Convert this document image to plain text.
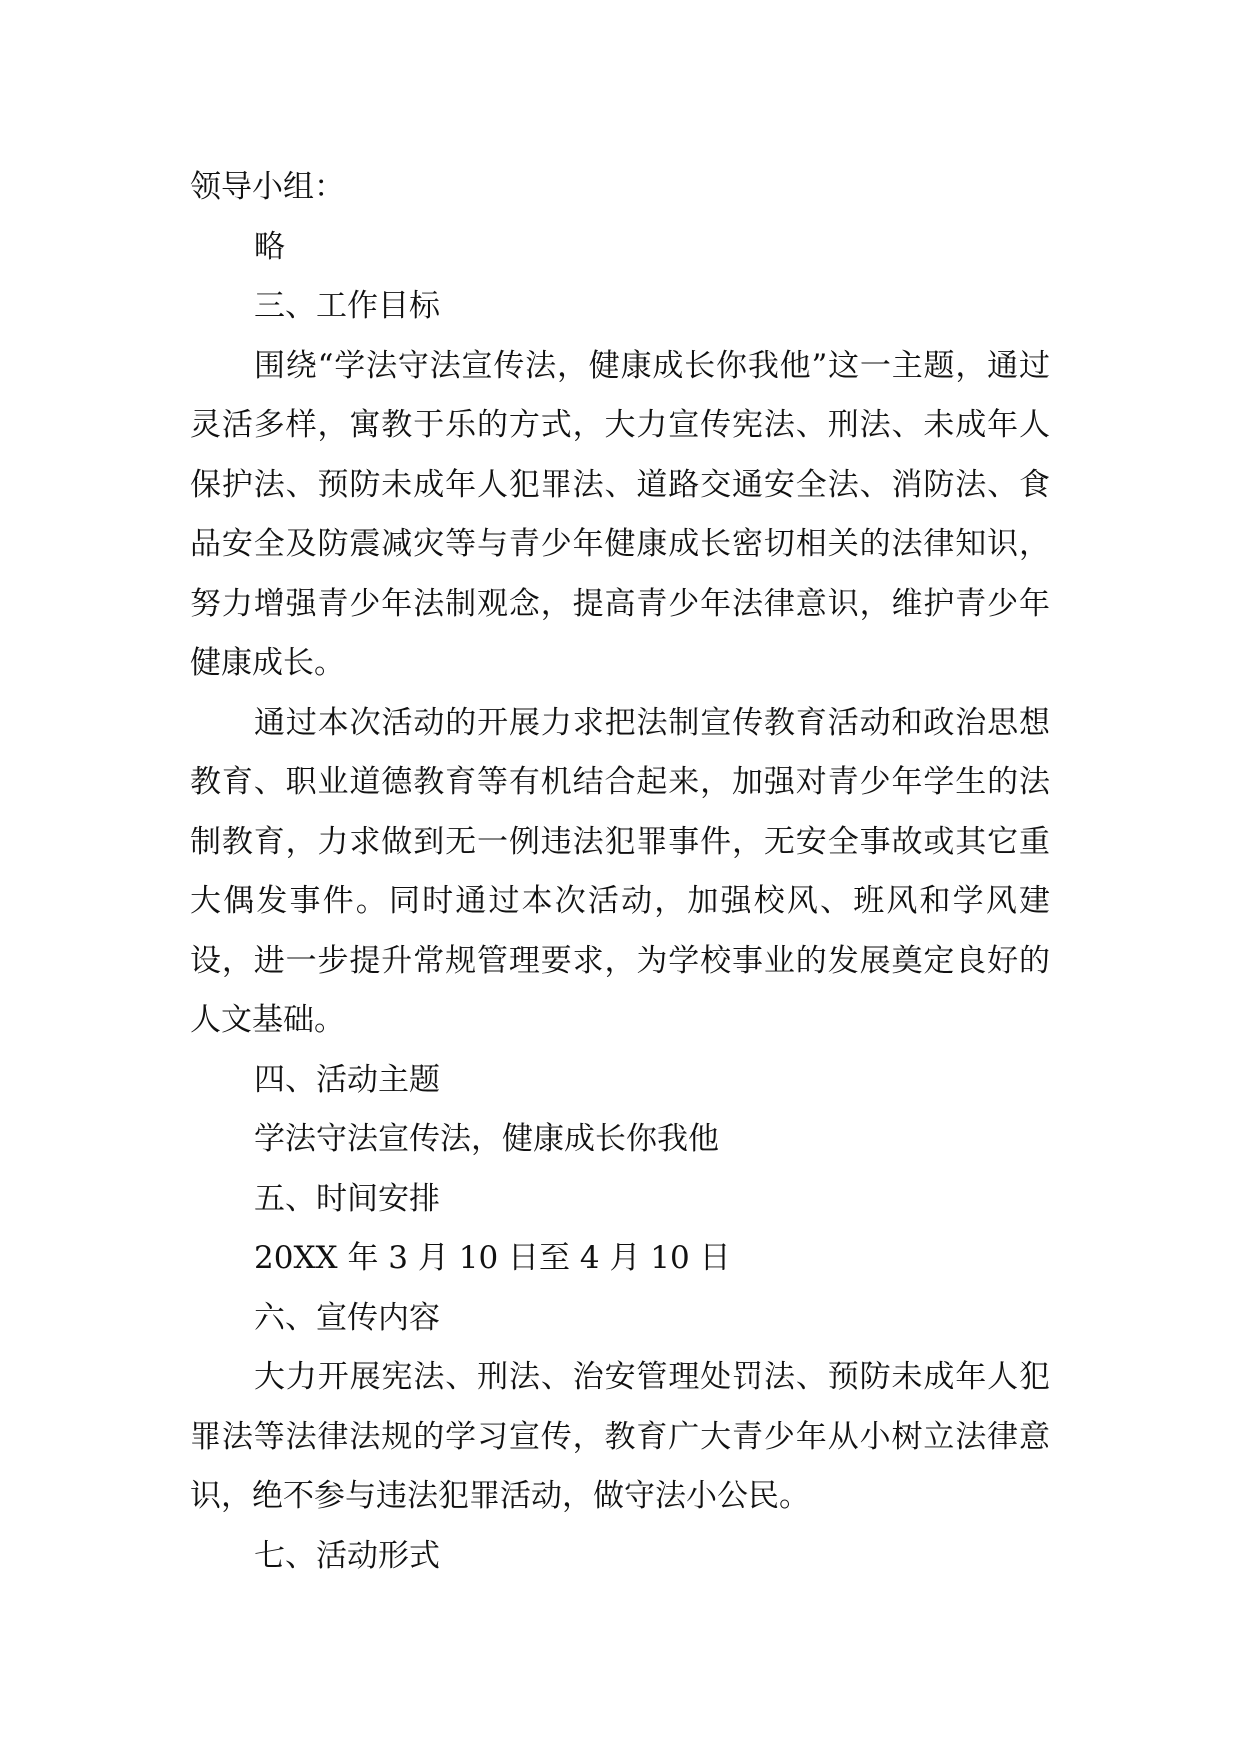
领导小组：

略

三、工作目标

围绕“学法守法宣传法，健康成长你我他”这一主题，通过灵活多样，寓教于乐的方式，大力宣传宪法、刑法、未成年人保护法、预防未成年人犯罪法、道路交通安全法、消防法、食品安全及防震减灾等与青少年健康成长密切相关的法律知识，努力增强青少年法制观念，提高青少年法律意识，维护青少年健康成长。

通过本次活动的开展力求把法制宣传教育活动和政治思想教育、职业道德教育等有机结合起来，加强对青少年学生的法制教育，力求做到无一例违法犯罪事件，无安全事故或其它重大偶发事件。同时通过本次活动，加强校风、班风和学风建设，进一步提升常规管理要求，为学校事业的发展奠定良好的人文基础。

四、活动主题

学法守法宣传法，健康成长你我他

五、时间安排

20XX 年 3 月 10 日至 4 月 10 日

六、宣传内容

大力开展宪法、刑法、治安管理处罚法、预防未成年人犯罪法等法律法规的学习宣传，教育广大青少年从小树立法律意识，绝不参与违法犯罪活动，做守法小公民。

七、活动形式
